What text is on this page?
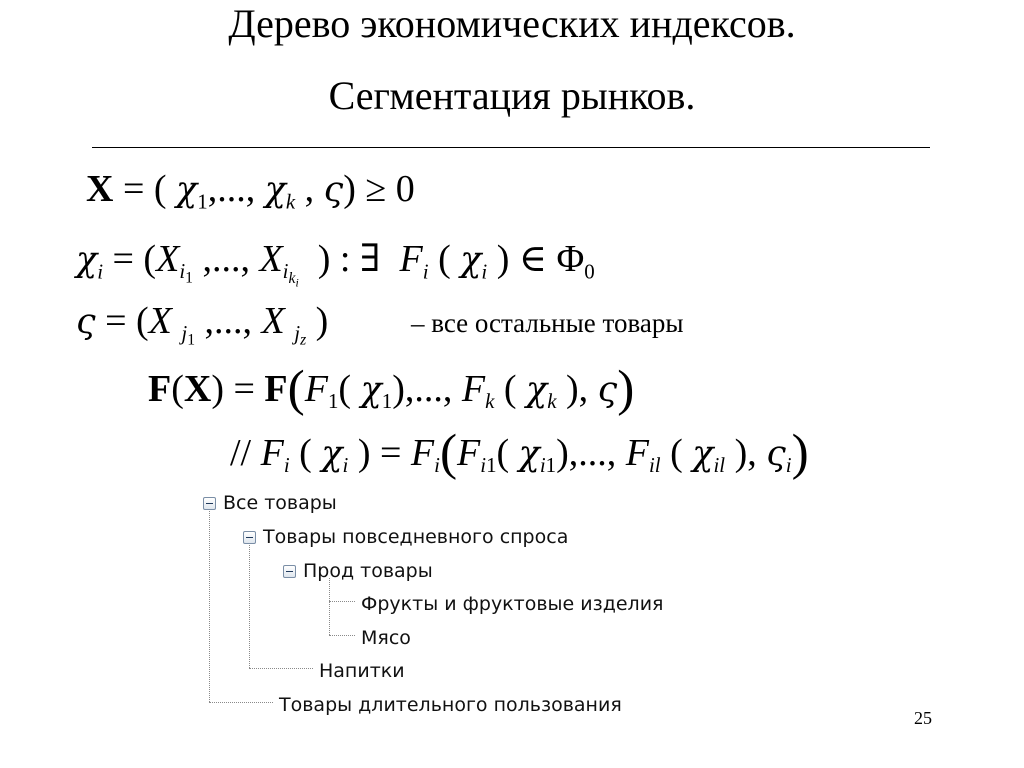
Дерево экономических индексов.
Сегментация рынков.
X = ( $\chi_1$,..., $\chi_k$ , ς) ≥ 0
$\chi_i = (X_{i_1}$ ,..., $X_{i_{k_i}}$  ) : ∃  $F_i$ ( $\chi_i$ ) ∈ $\Phi_0$
ς = (X $_{j_1}$ ,..., X $_{j_z}$ )	– все остальные товары
$F(X) = F(F_1$( $\chi_1$),..., $F_k$ ( $\chi_k$ ), ς)
// $F_i$ ( $\chi_i$ ) = $F_i(F_{i1}$( $\chi_{i1}$),..., $F_{il}$ ( $\chi_{il}$ ), $\varsigma_i$)
Все товары
Товары повседневного спроса
Прод товары
Фрукты и фруктовые изделия
Мясо
Напитки
Товары длительного пользования
25
